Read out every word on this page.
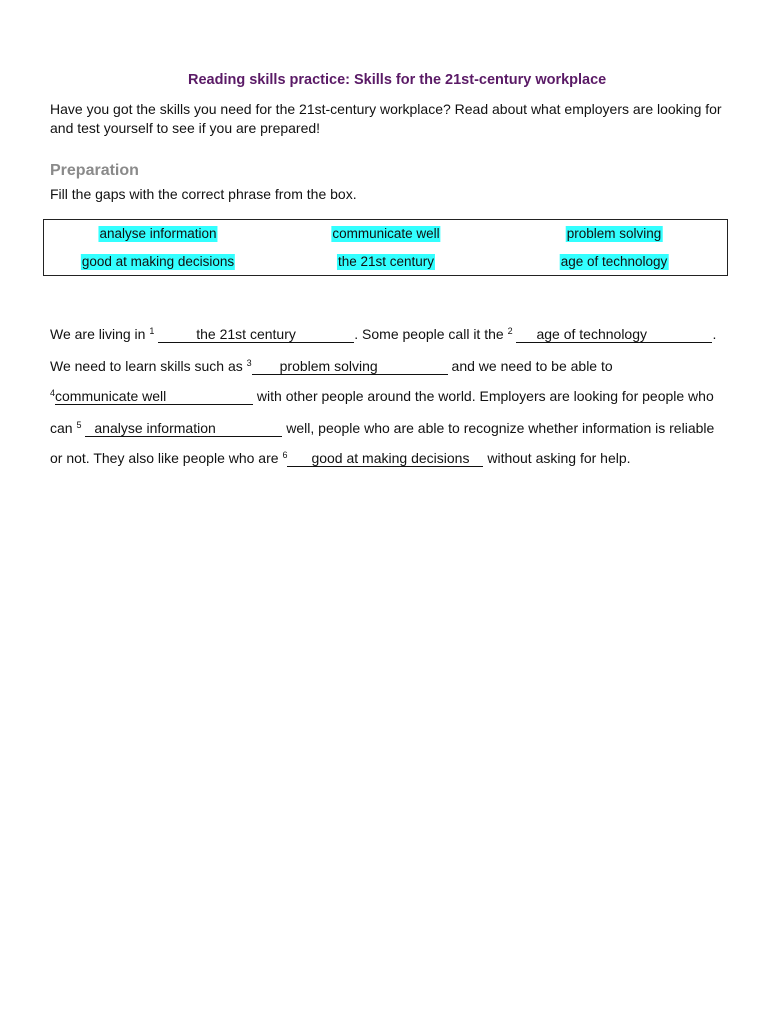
Reading skills practice: Skills for the 21st-century workplace
Have you got the skills you need for the 21st-century workplace? Read about what employers are looking for and test yourself to see if you are prepared!
Preparation
Fill the gaps with the correct phrase from the box.
analyse information	communicate well	problem solving
good at making decisions	the 21st century	age of technology
We are living in $^1$	the 21st century	. Some people call it the $^2$ age of technology	.
We need to learn skills such as $^3$ problem solving	and we need to be able to
$^4$communicate well	with other people around the world. Employers are looking for people who
can $^5$ analyse information	well, people who are able to recognize whether information is reliable
or not. They also like people who are $^6$ good at making decisions without asking for help.
